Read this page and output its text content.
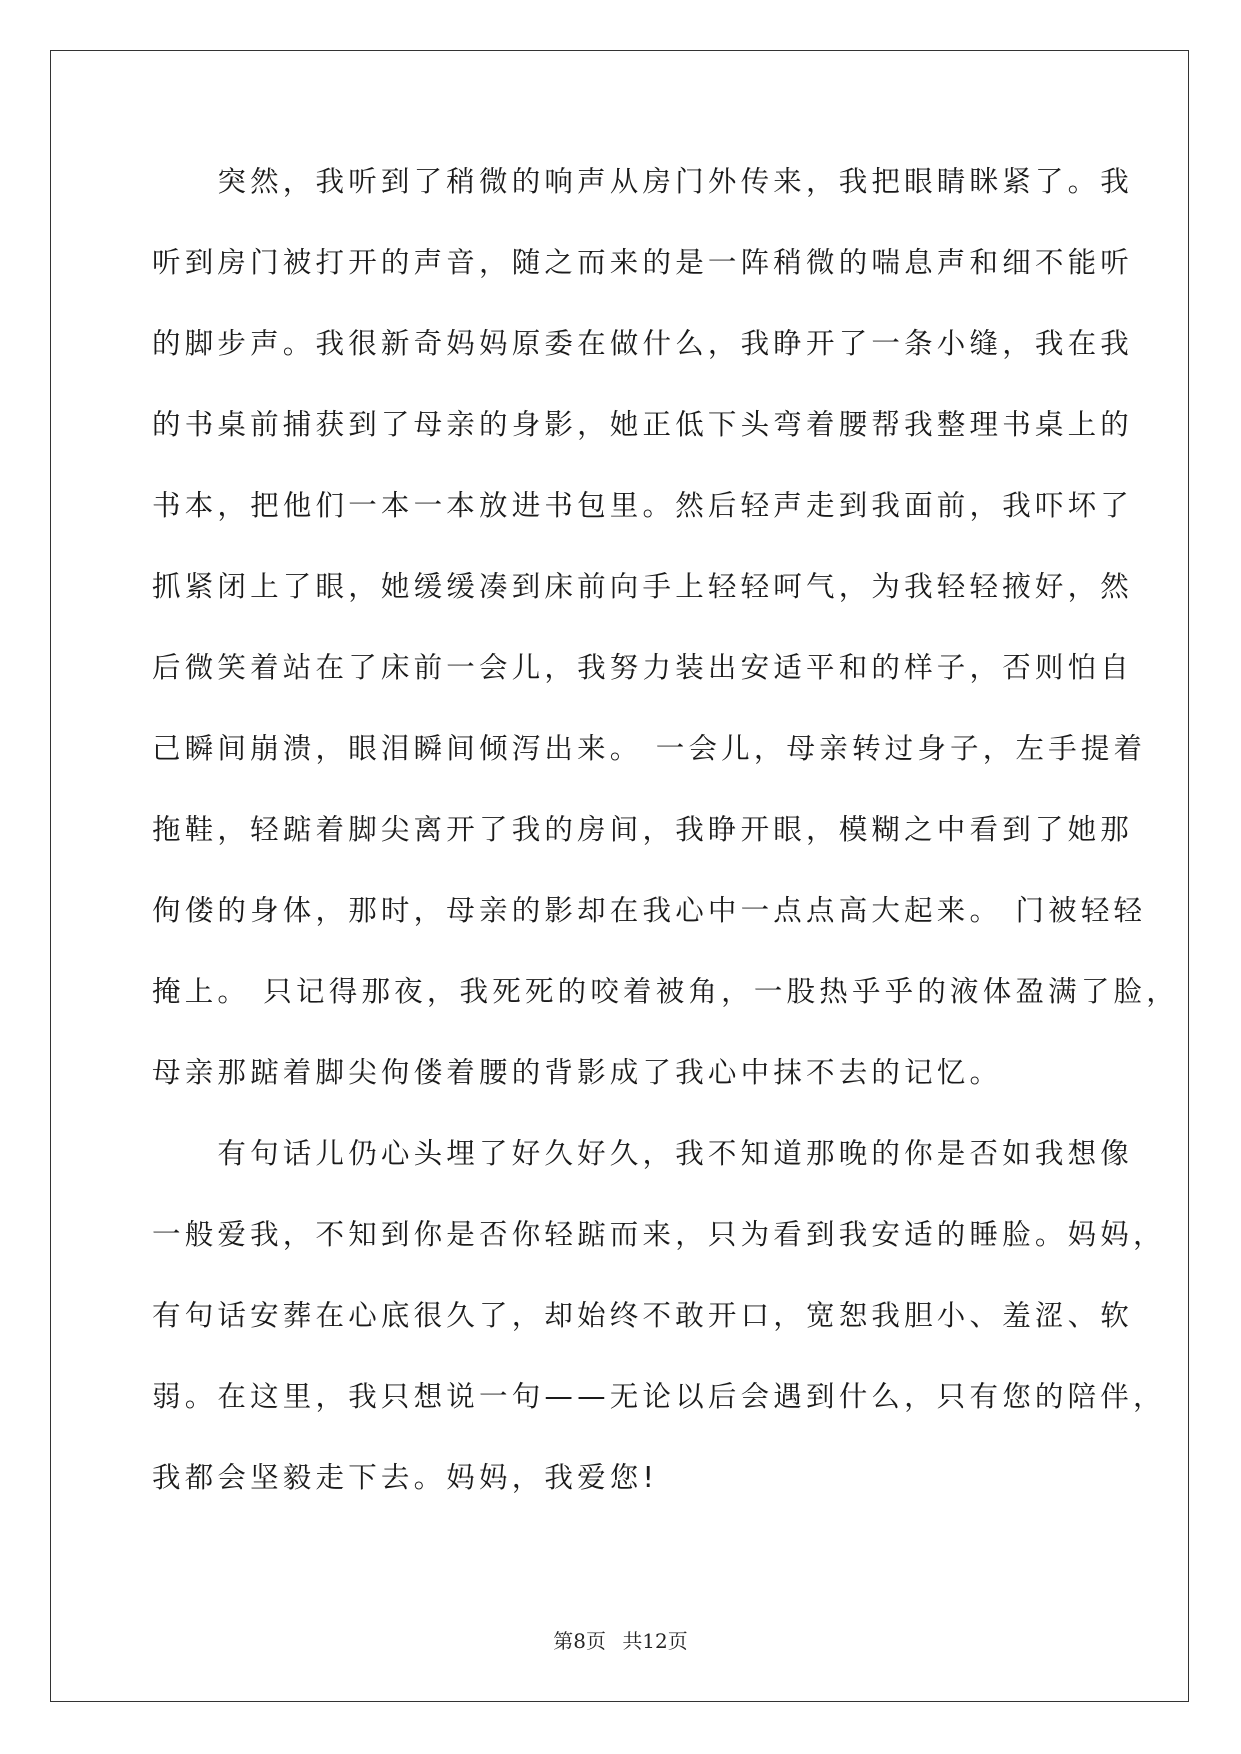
　　突然，我听到了稍微的响声从房门外传来，我把眼睛眯紧了。我
听到房门被打开的声音，随之而来的是一阵稍微的喘息声和细不能听
的脚步声。我很新奇妈妈原委在做什么，我睁开了一条小缝，我在我
的书桌前捕获到了母亲的身影，她正低下头弯着腰帮我整理书桌上的
书本，把他们一本一本放进书包里。然后轻声走到我面前，我吓坏了
抓紧闭上了眼，她缓缓凑到床前向手上轻轻呵气，为我轻轻掖好，然
后微笑着站在了床前一会儿，我努力装出安适平和的样子，否则怕自
己瞬间崩溃，眼泪瞬间倾泻出来。 一会儿，母亲转过身子，左手提着
拖鞋，轻踮着脚尖离开了我的房间，我睁开眼，模糊之中看到了她那
佝偻的身体，那时，母亲的影却在我心中一点点高大起来。 门被轻轻
掩上。 只记得那夜，我死死的咬着被角，一股热乎乎的液体盈满了脸，
母亲那踮着脚尖佝偻着腰的背影成了我心中抹不去的记忆。
　　有句话儿仍心头埋了好久好久，我不知道那晚的你是否如我想像
一般爱我，不知到你是否你轻踮而来，只为看到我安适的睡脸。妈妈，
有句话安葬在心底很久了，却始终不敢开口，宽恕我胆小、羞涩、软
弱。在这里，我只想说一句——无论以后会遇到什么，只有您的陪伴，
我都会坚毅走下去。妈妈，我爱您!
第8页 共12页
